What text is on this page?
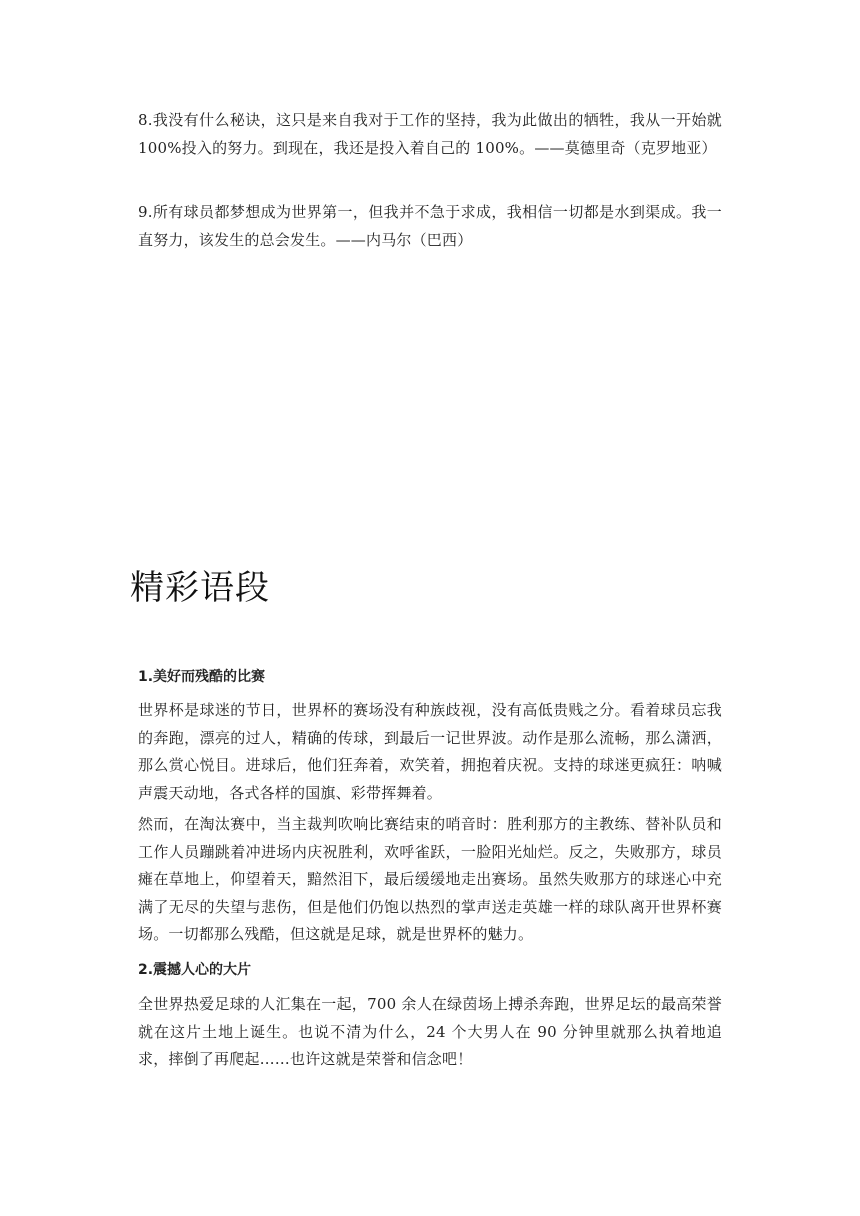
8.我没有什么秘诀，这只是来自我对于工作的坚持，我为此做出的牺牲，我从一开始就 100%投入的努力。到现在，我还是投入着自己的 100%。——莫德里奇（克罗地亚）

9.所有球员都梦想成为世界第一，但我并不急于求成，我相信一切都是水到渠成。我一直努力，该发生的总会发生。——内马尔（巴西）

精彩语段
1.美好而残酷的比赛

世界杯是球迷的节日，世界杯的赛场没有种族歧视，没有高低贵贱之分。看着球员忘我的奔跑，漂亮的过人，精确的传球，到最后一记世界波。动作是那么流畅，那么潇洒，那么赏心悦目。进球后，他们狂奔着，欢笑着，拥抱着庆祝。支持的球迷更疯狂：呐喊声震天动地，各式各样的国旗、彩带挥舞着。

然而，在淘汰赛中，当主裁判吹响比赛结束的哨音时：胜利那方的主教练、替补队员和工作人员蹦跳着冲进场内庆祝胜利，欢呼雀跃，一脸阳光灿烂。反之，失败那方，球员瘫在草地上，仰望着天，黯然泪下，最后缓缓地走出赛场。虽然失败那方的球迷心中充满了无尽的失望与悲伤，但是他们仍饱以热烈的掌声送走英雄一样的球队离开世界杯赛场。一切都那么残酷，但这就是足球，就是世界杯的魅力。

2.震撼人心的大片

全世界热爱足球的人汇集在一起，700 余人在绿茵场上搏杀奔跑，世界足坛的最高荣誉就在这片土地上诞生。也说不清为什么，24 个大男人在 90 分钟里就那么执着地追求，摔倒了再爬起……也许这就是荣誉和信念吧！
